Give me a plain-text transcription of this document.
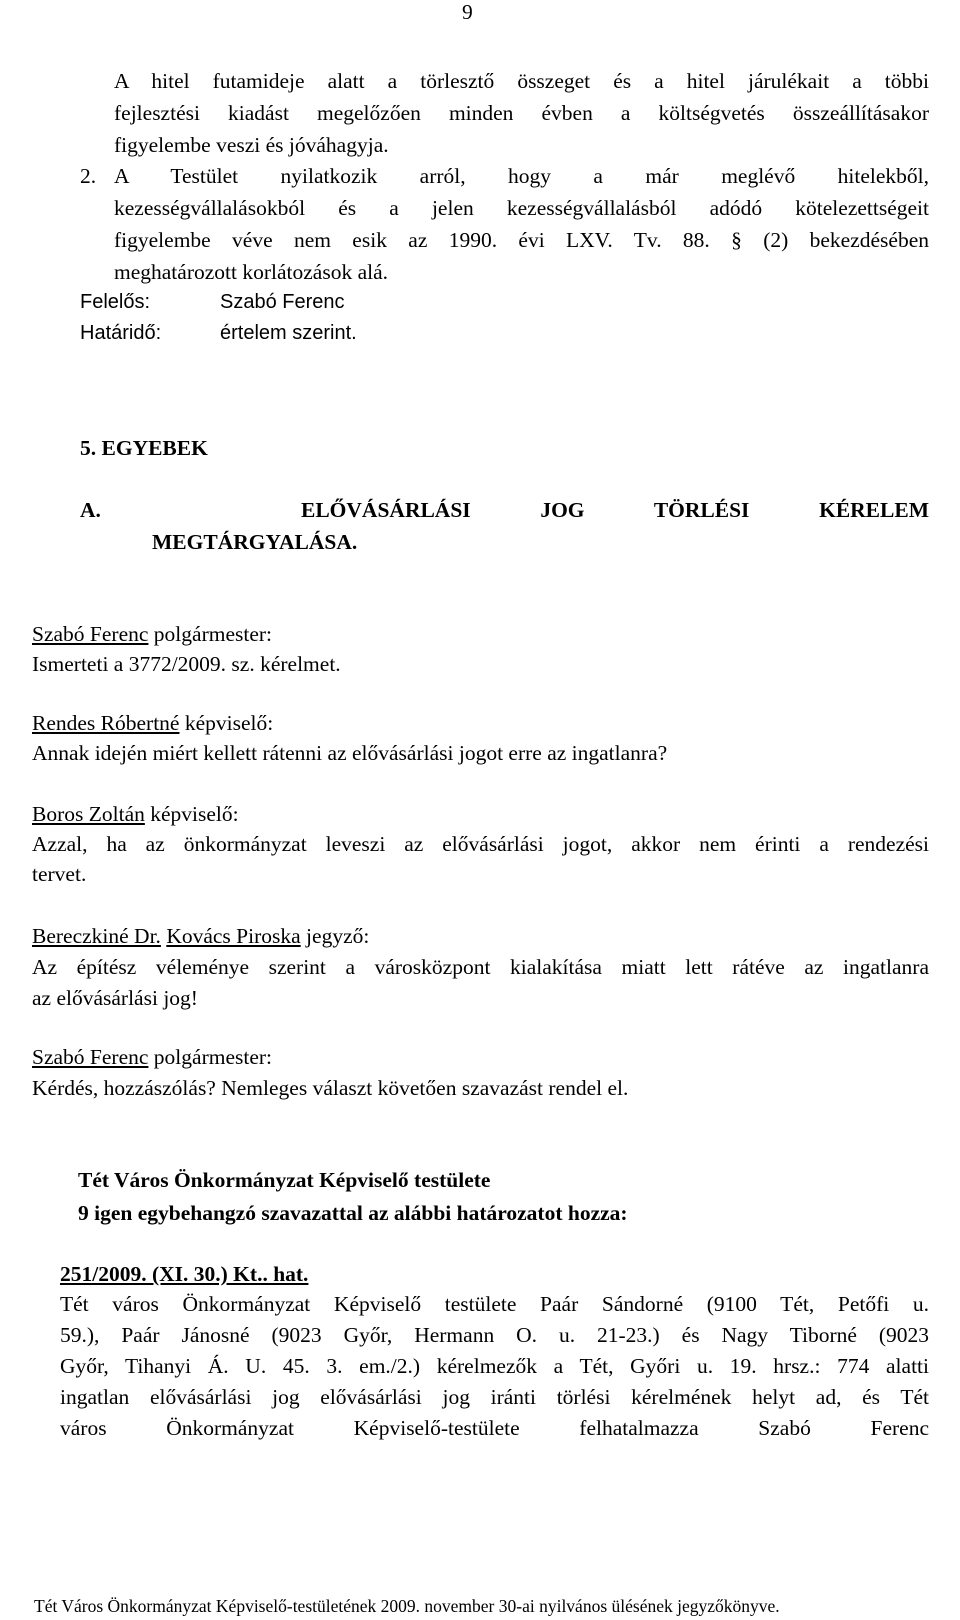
9
A hitel futamideje alatt a törlesztő összeget és a hitel járulékait a többi
fejlesztési kiadást megelőzően minden évben a költségvetés összeállításakor
figyelembe veszi és jóváhagyja.
2. A Testület nyilatkozik arról, hogy a már meglévő hitelekből,
kezességvállalásokból és a jelen kezességvállalásból adódó kötelezettségeit
figyelembe véve nem esik az 1990. évi LXV. Tv. 88. § (2) bekezdésében
meghatározott korlátozások alá.
Felelős:	Szabó Ferenc
Határidő:	értelem szerint.
5. EGYEBEK
A.	ELŐVÁSÁRLÁSI JOG TÖRLÉSI KÉRELEM
MEGTÁRGYALÁSA.
Szabó Ferenc polgármester:
Ismerteti a 3772/2009. sz. kérelmet.
Rendes Róbertné képviselő:
Annak idején miért kellett rátenni az elővásárlási jogot erre az ingatlanra?
Boros Zoltán képviselő:
Azzal, ha az önkormányzat leveszi az elővásárlási jogot, akkor nem érinti a rendezési
tervet.
Bereczkiné Dr. Kovács Piroska jegyző:
Az építész véleménye szerint a városközpont kialakítása miatt lett rátéve az ingatlanra
az elővásárlási jog!
Szabó Ferenc polgármester:
Kérdés, hozzászólás? Nemleges választ követően szavazást rendel el.
Tét Város Önkormányzat Képviselő testülete
9 igen egybehangzó szavazattal az alábbi határozatot hozza:
251/2009. (XI. 30.) Kt.. hat.
Tét város Önkormányzat Képviselő testülete Paár Sándorné (9100 Tét, Petőfi u.
59.), Paár Jánosné (9023 Győr, Hermann O. u. 21-23.) és Nagy Tiborné (9023
Győr, Tihanyi Á. U. 45. 3. em./2.) kérelmezők a Tét, Győri u. 19. hrsz.: 774 alatti
ingatlan elővásárlási jog elővásárlási jog iránti törlési kérelmének helyt ad, és Tét
város Önkormányzat Képviselő-testülete felhatalmazza Szabó Ferenc
Tét Város Önkormányzat Képviselő-testületének 2009. november 30-ai nyilvános ülésének jegyzőkönyve.
